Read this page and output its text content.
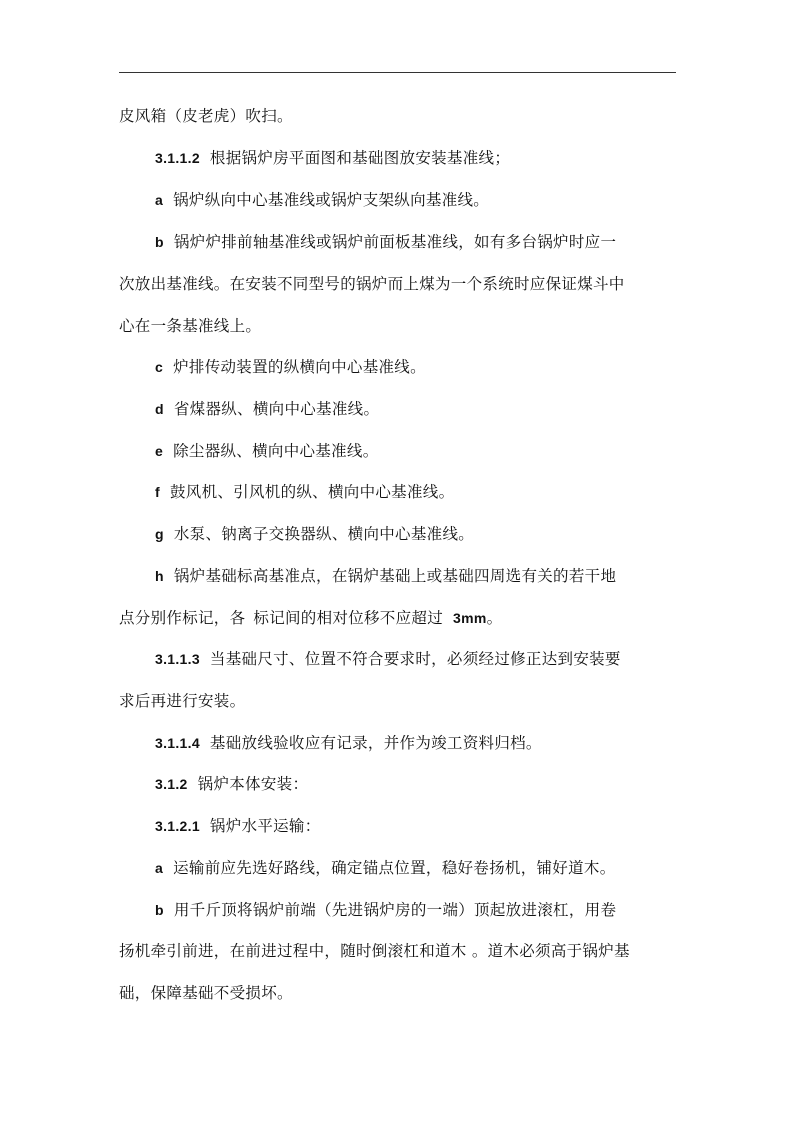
皮风箱（皮老虎）吹扫。
3.1.1.2 根据锅炉房平面图和基础图放安装基准线；
a 锅炉纵向中心基准线或锅炉支架纵向基准线。
b 锅炉炉排前轴基准线或锅炉前面板基准线，如有多台锅炉时应一
次放出基准线。在安装不同型号的锅炉而上煤为一个系统时应保证煤斗中
心在一条基准线上。
c 炉排传动装置的纵横向中心基准线。
d 省煤器纵、横向中心基准线。
e 除尘器纵、横向中心基准线。
f 鼓风机、引风机的纵、横向中心基准线。
g 水泵、钠离子交换器纵、横向中心基准线。
h 锅炉基础标高基准点，在锅炉基础上或基础四周选有关的若干地
点分别作标记，各 标记间的相对位移不应超过 3mm。
3.1.1.3 当基础尺寸、位置不符合要求时，必须经过修正达到安装要
求后再进行安装。
3.1.1.4 基础放线验收应有记录，并作为竣工资料归档。
3.1.2 锅炉本体安装：
3.1.2.1 锅炉水平运输：
a 运输前应先选好路线，确定锚点位置，稳好卷扬机，铺好道木。
b 用千斤顶将锅炉前端（先进锅炉房的一端）顶起放进滚杠，用卷
扬机牵引前进，在前进过程中，随时倒滚杠和道木 。道木必须高于锅炉基
础，保障基础不受损坏。
